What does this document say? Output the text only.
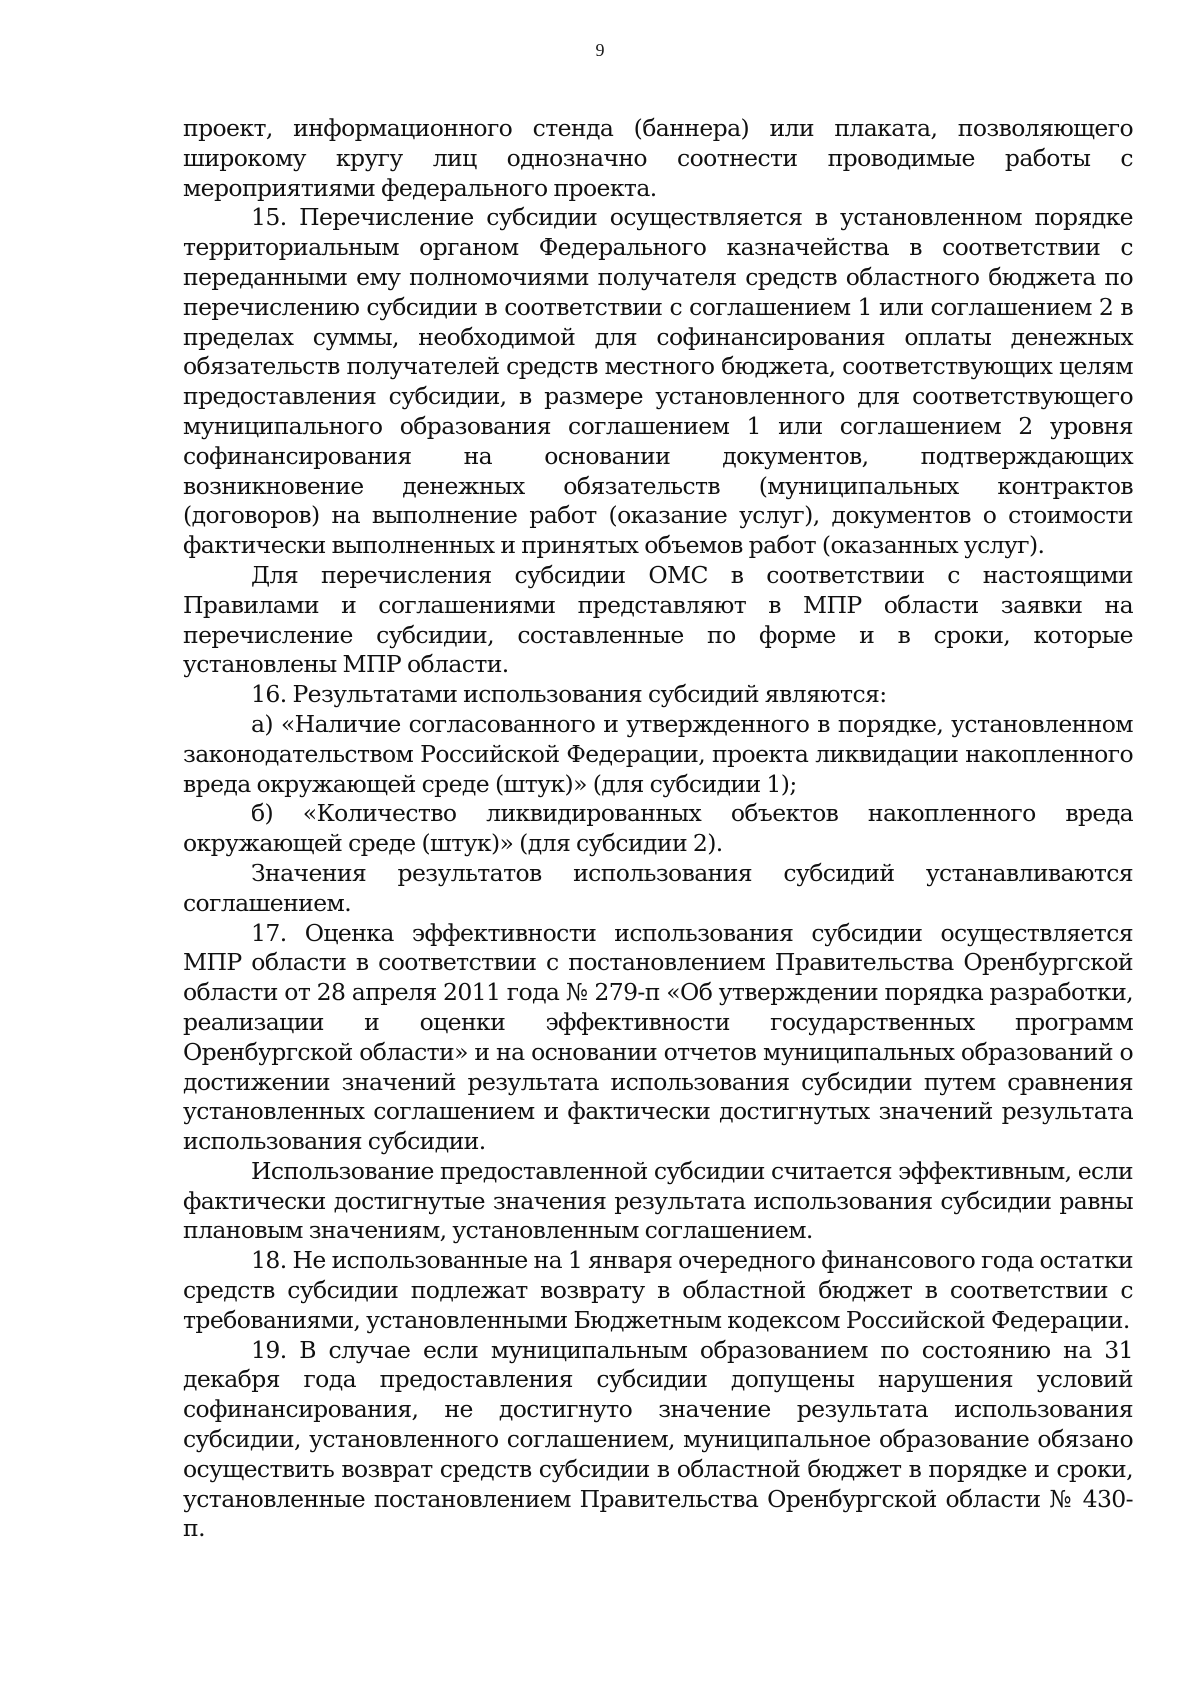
9

проект, информационного стенда (баннера) или плаката, позволяющего широкому кругу лиц однозначно соотнести проводимые работы с мероприятиями федерального проекта.

15. Перечисление субсидии осуществляется в установленном порядке территориальным органом Федерального казначейства в соответствии с переданными ему полномочиями получателя средств областного бюджета по перечислению субсидии в соответствии с соглашением 1 или соглашением 2 в пределах суммы, необходимой для софинансирования оплаты денежных обязательств получателей средств местного бюджета, соответствующих целям предоставления субсидии, в размере установленного для соответствующего муниципального образования соглашением 1 или соглашением 2 уровня софинансирования на основании документов, подтверждающих возникновение денежных обязательств (муниципальных контрактов (договоров) на выполнение работ (оказание услуг), документов о стоимости фактически выполненных и принятых объемов работ (оказанных услуг).

Для перечисления субсидии ОМС в соответствии с настоящими Правилами и соглашениями представляют в МПР области заявки на перечисление субсидии, составленные по форме и в сроки, которые установлены МПР области.

16. Результатами использования субсидий являются:

а) «Наличие согласованного и утвержденного в порядке, установленном законодательством Российской Федерации, проекта ликвидации накопленного вреда окружающей среде (штук)» (для субсидии 1);

б) «Количество ликвидированных объектов накопленного вреда окружающей среде (штук)» (для субсидии 2).

Значения результатов использования субсидий устанавливаются соглашением.

17. Оценка эффективности использования субсидии осуществляется МПР области в соответствии с постановлением Правительства Оренбургской области от 28 апреля 2011 года № 279-п «Об утверждении порядка разработки, реализации и оценки эффективности государственных программ Оренбургской области» и на основании отчетов муниципальных образований о достижении значений результата использования субсидии путем сравнения установленных соглашением и фактически достигнутых значений результата использования субсидии.

Использование предоставленной субсидии считается эффективным, если фактически достигнутые значения результата использования субсидии равны плановым значениям, установленным соглашением.

18. Не использованные на 1 января очередного финансового года остатки средств субсидии подлежат возврату в областной бюджет в соответствии с требованиями, установленными Бюджетным кодексом Российской Федерации.

19. В случае если муниципальным образованием по состоянию на 31 декабря года предоставления субсидии допущены нарушения условий софинансирования, не достигнуто значение результата использования субсидии, установленного соглашением, муниципальное образование обязано осуществить возврат средств субсидии в областной бюджет в порядке и сроки, установленные постановлением Правительства Оренбургской области № 430-п.
